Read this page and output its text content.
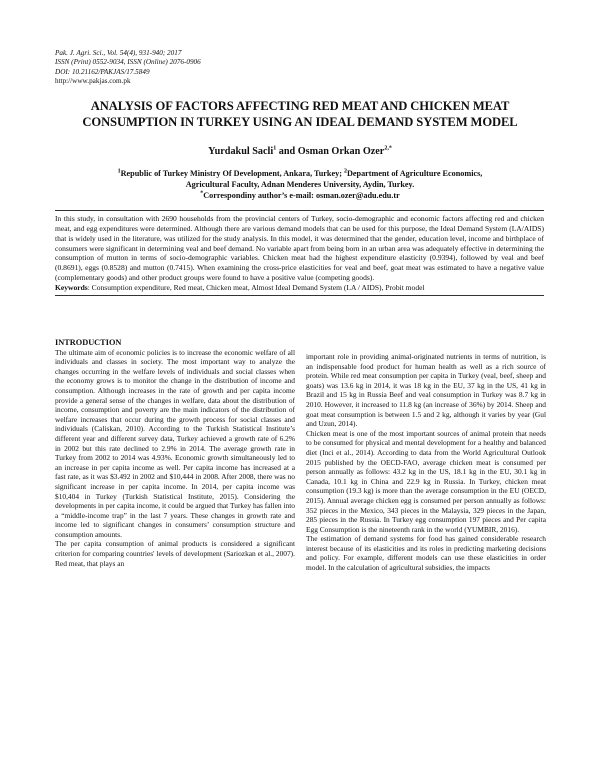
Pak. J. Agri. Sci., Vol. 54(4), 931-940; 2017
ISSN (Print) 0552-9034, ISSN (Online) 2076-0906
DOI: 10.21162/PAKJAS/17.5849
http://www.pakjas.com.pk
ANALYSIS OF FACTORS AFFECTING RED MEAT AND CHICKEN MEAT
CONSUMPTION IN TURKEY USING AN IDEAL DEMAND SYSTEM MODEL
Yurdakul Sacli$^1$ and Osman Orkan Ozer$^{2,*}$
$^1$Republic of Turkey Ministry Of Development, Ankara, Turkey; $^2$Department of Agriculture Economics,
Agricultural Faculty, Adnan Menderes University, Aydin, Turkey.
*Correspondiny author’s e-mail: osman.ozer@adu.edu.tr

In this study, in consultation with 2690 households from the provincial centers of Turkey, socio-demographic and economic factors affecting red and chicken meat, and egg expenditures were determined. Although there are various demand models that can be used for this purpose, the Ideal Demand System (LA/AIDS) that is widely used in the literature, was utilized for the study analysis. In this model, it was determined that the gender, education level, income and birthplace of consumers were significant in determining veal and beef demand. No variable apart from being born in an urban area was adequately effective in determining the consumption of mutton in terms of socio-demographic variables. Chicken meat had the highest expenditure elasticity (0.9394), followed by veal and beef (0.8691), eggs (0.8528) and mutton (0.7415). When examining the cross-price elasticities for veal and beef, goat meat was estimated to have a negative value (complementary goods) and other product groups were found to have a positive value (competing goods).

Keywords: Consumption expenditure, Red meat, Chicken meat, Almost Ideal Demand System (LA / AIDS), Probit model

INTRODUCTION

The ultimate aim of economic policies is to increase the economic welfare of all individuals and classes in society. The most important way to analyze the changes occurring in the welfare levels of individuals and social classes when the economy grows is to monitor the change in the distribution of income and consumption. Although increases in the rate of growth and per capita income provide a general sense of the changes in welfare, data about the distribution of income, consumption and poverty are the main indicators of the distribution of welfare increases that occur during the growth process for social classes and individuals (Caliskan, 2010). According to the Turkish Statistical Institute’s different year and different survey data, Turkey achieved a growth rate of 6.2% in 2002 but this rate declined to 2.9% in 2014. The average growth rate in Turkey from 2002 to 2014 was 4.93%. Economic growth simultaneously led to an increase in per capita income as well. Per capita income has increased at a fast rate, as it was $3.492 in 2002 and $10,444 in 2008. After 2008, there was no significant increase in per capita income. In 2014, per capita income was $10,404 in Turkey (Turkish Statistical Institute, 2015). Considering the developments in per capita income, it could be argued that Turkey has fallen into a “middle-income trap” in the last 7 years. These changes in growth rate and income led to significant changes in consumers’ consumption structure and consumption amounts.

The per capita consumption of animal products is considered a significant criterion for comparing countries' levels of development (Sariozkan et al., 2007). Red meat, that plays an

important role in providing animal-originated nutrients in terms of nutrition, is an indispensable food product for human health as well as a rich source of protein. While red meat consumption per capita in Turkey (veal, beef, sheep and goats) was 13.6 kg in 2014, it was 18 kg in the EU, 37 kg in the US, 41 kg in Brazil and 15 kg in Russia Beef and veal consumption in Turkey was 8.7 kg in 2010. However, it increased to 11.8 kg (an increase of 36%) by 2014. Sheep and goat meat consumption is between 1.5 and 2 kg, although it varies by year (Gul and Uzun, 2014).

Chicken meat is one of the most important sources of animal protein that needs to be consumed for physical and mental development for a healthy and balanced diet (Inci et al., 2014). According to data from the World Agricultural Outlook 2015 published by the OECD-FAO, average chicken meat is consumed per person annually as follows: 43.2 kg in the US, 18.1 kg in the EU, 30.1 kg in Canada, 10.1 kg in China and 22.9 kg in Russia. In Turkey, chicken meat consumption (19.3 kg) is more than the average consumption in the EU (OECD, 2015). Annual average chicken egg is consumed per person annually as follows: 352 pieces in the Mexico, 343 pieces in the Malaysia, 329 pieces in the Japan, 285 pieces in the Russia. In Turkey egg consumption 197 pieces and Per capita Egg Consumption is the nineteenth rank in the world (YUMBIR, 2016).

The estimation of demand systems for food has gained considerable research interest because of its elasticities and its roles in predicting marketing decisions and policy. For example, different models can use these elasticities in order model. In the calculation of agricultural subsidies, the impacts
